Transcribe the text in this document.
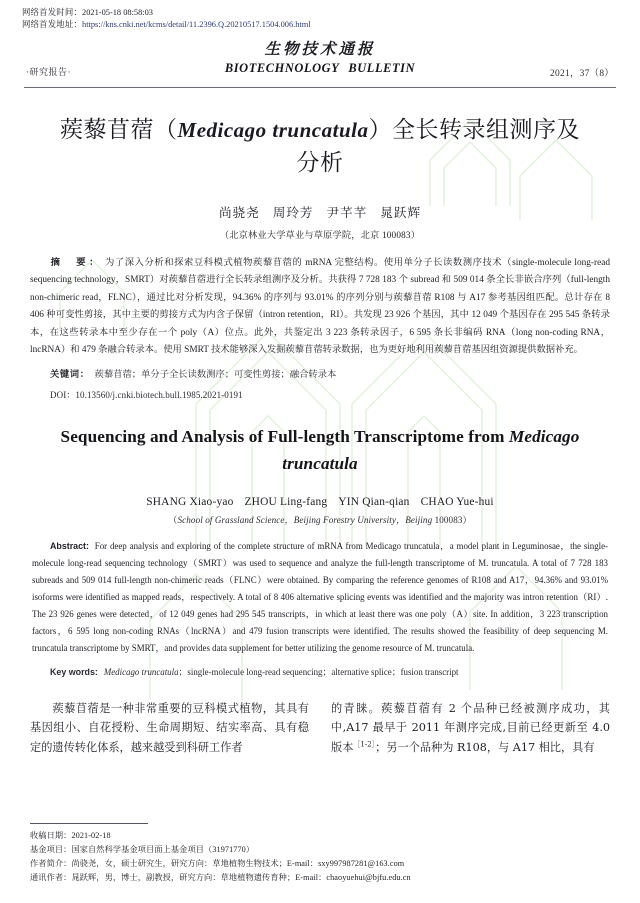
网络首发时间：2021-05-18 08:58:03
网络首发地址：https://kns.cnki.net/kcms/detail/11.2396.Q.20210517.1504.006.html
生物技术通报
·研究报告·	BIOTECHNOLOGY BULLETIN	2021，37（8）
蒺藜苜蓿（Medicago truncatula）全长转录组测序及
分析
尚骁尧 周玲芳 尹芊芊 晁跃辉
（北京林业大学草业与草原学院，北京 100083）
摘　要： 为了深入分析和探索豆科模式植物蒺藜苜蓿的 mRNA 完整结构。使用单分子长读数测序技术（single-molecule long-read sequencing technology，SMRT）对蒺藜苜蓿进行全长转录组测序及分析。共获得 7 728 183 个 subread 和 509 014 条全长非嵌合序列（full-length non-chimeric read，FLNC），通过比对分析发现，94.36% 的序列与 93.01% 的序列分别与蒺藜苜蓿 R108 与 A17 参考基因组匹配。总计存在 8 406 种可变性剪接，其中主要的剪接方式为内含子保留（intron retention，RI）。共发现 23 926 个基因，其中 12 049 个基因存在 295 545 条转录本，在这些转录本中至少存在一个 poly（A）位点。此外，共鉴定出 3 223 条转录因子，6 595 条长非编码 RNA（long non-coding RNA，lncRNA）和 479 条融合转录本。使用 SMRT 技术能够深入发掘蒺藜苜蓿转录数据，也为更好地利用蒺藜苜蓿基因组资源提供数据补充。
关键词： 蒺藜苜蓿；单分子全长读数测序；可变性剪接；融合转录本
DOI：10.13560/j.cnki.biotech.bull.1985.2021-0191
Sequencing and Analysis of Full-length Transcriptome from Medicago
truncatula
SHANG Xiao-yao ZHOU Ling-fang YIN Qian-qian CHAO Yue-hui
（School of Grassland Science，Beijing Forestry University，Beijing 100083）
Abstract: For deep analysis and exploring of the complete structure of mRNA from Medicago truncatula，a model plant in Leguminosae，the single-molecule long-read sequencing technology（SMRT）was used to sequence and analyze the full-length transcriptome of M. truncatula. A total of 7 728 183 subreads and 509 014 full-length non-chimeric reads（FLNC）were obtained. By comparing the reference genomes of R108 and A17，94.36% and 93.01% isoforms were identified as mapped reads，respectively. A total of 8 406 alternative splicing events was identified and the majority was intron retention（RI）. The 23 926 genes were detected，of 12 049 genes had 295 545 transcripts，in which at least there was one poly（A）site. In addition，3 223 transcription factors，6 595 long non-coding RNAs（lncRNA）and 479 fusion transcripts were identified. The results showed the feasibility of deep sequencing M. truncatula transcriptome by SMRT，and provides data supplement for better utilizing the genome resource of M. truncatula.
Key words: Medicago truncatula；single-molecule long-read sequencing；alternative splice；fusion transcript

蒺藜苜蓿是一种非常重要的豆科模式植物，其具有基因组小、自花授粉、生命周期短、结实率高、具有稳定的遗传转化体系，越来越受到科研工作者

的青睐。蒺藜苜蓿有 2 个品种已经被测序成功，其中,A17 最早于 2011 年测序完成,目前已经更新至 4.0 版本$^{[1-2]}$；另一个品种为 R108，与 A17 相比，具有

收稿日期：2021-02-18
基金项目：国家自然科学基金项目面上基金项目（31971770）
作者简介：尚骁尧，女，硕士研究生，研究方向：草地植物生物技术；E-mail：sxy997987281@163.com
通讯作者：晁跃辉，男，博士，副教授，研究方向：草地植物遗传育种；E-mail：chaoyuehui@bjfu.edu.cn
